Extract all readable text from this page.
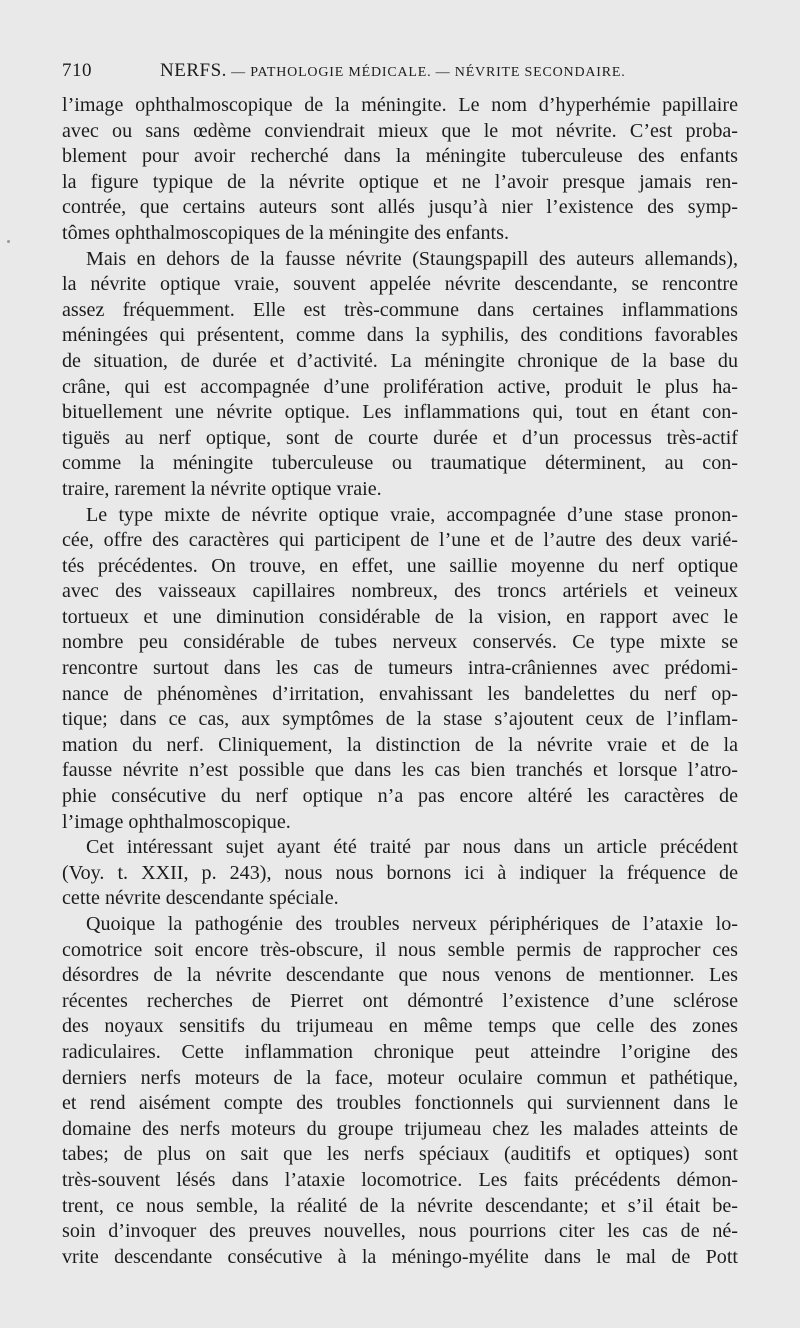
710	NERFS. — PATHOLOGIE MÉDICALE. — NÉVRITE SECONDAIRE.
l’image ophthalmoscopique de la méningite. Le nom d’hyperhémie papillaire
avec ou sans œdème conviendrait mieux que le mot névrite. C’est proba-
blement pour avoir recherché dans la méningite tuberculeuse des enfants
la figure typique de la névrite optique et ne l’avoir presque jamais ren-
contrée, que certains auteurs sont allés jusqu’à nier l’existence des symp-
tômes ophthalmoscopiques de la méningite des enfants.
Mais en dehors de la fausse névrite (Staungspapill des auteurs allemands),
la névrite optique vraie, souvent appelée névrite descendante, se rencontre
assez fréquemment. Elle est très-commune dans certaines inflammations
méningées qui présentent, comme dans la syphilis, des conditions favorables
de situation, de durée et d’activité. La méningite chronique de la base du
crâne, qui est accompagnée d’une prolifération active, produit le plus ha-
bituellement une névrite optique. Les inflammations qui, tout en étant con-
tiguës au nerf optique, sont de courte durée et d’un processus très-actif
comme la méningite tuberculeuse ou traumatique déterminent, au con-
traire, rarement la névrite optique vraie.
Le type mixte de névrite optique vraie, accompagnée d’une stase pronon-
cée, offre des caractères qui participent de l’une et de l’autre des deux varié-
tés précédentes. On trouve, en effet, une saillie moyenne du nerf optique
avec des vaisseaux capillaires nombreux, des troncs artériels et veineux
tortueux et une diminution considérable de la vision, en rapport avec le
nombre peu considérable de tubes nerveux conservés. Ce type mixte se
rencontre surtout dans les cas de tumeurs intra-crâniennes avec prédomi-
nance de phénomènes d’irritation, envahissant les bandelettes du nerf op-
tique; dans ce cas, aux symptômes de la stase s’ajoutent ceux de l’inflam-
mation du nerf. Cliniquement, la distinction de la névrite vraie et de la
fausse névrite n’est possible que dans les cas bien tranchés et lorsque l’atro-
phie consécutive du nerf optique n’a pas encore altéré les caractères de
l’image ophthalmoscopique.
Cet intéressant sujet ayant été traité par nous dans un article précédent
(Voy. t. XXII, p. 243), nous nous bornons ici à indiquer la fréquence de
cette névrite descendante spéciale.
Quoique la pathogénie des troubles nerveux périphériques de l’ataxie lo-
comotrice soit encore très-obscure, il nous semble permis de rapprocher ces
désordres de la névrite descendante que nous venons de mentionner. Les
récentes recherches de Pierret ont démontré l’existence d’une sclérose
des noyaux sensitifs du trijumeau en même temps que celle des zones
radiculaires. Cette inflammation chronique peut atteindre l’origine des
derniers nerfs moteurs de la face, moteur oculaire commun et pathétique,
et rend aisément compte des troubles fonctionnels qui surviennent dans le
domaine des nerfs moteurs du groupe trijumeau chez les malades atteints de
tabes; de plus on sait que les nerfs spéciaux (auditifs et optiques) sont
très-souvent lésés dans l’ataxie locomotrice. Les faits précédents démon-
trent, ce nous semble, la réalité de la névrite descendante; et s’il était be-
soin d’invoquer des preuves nouvelles, nous pourrions citer les cas de né-
vrite descendante consécutive à la méningo-myélite dans le mal de Pott
